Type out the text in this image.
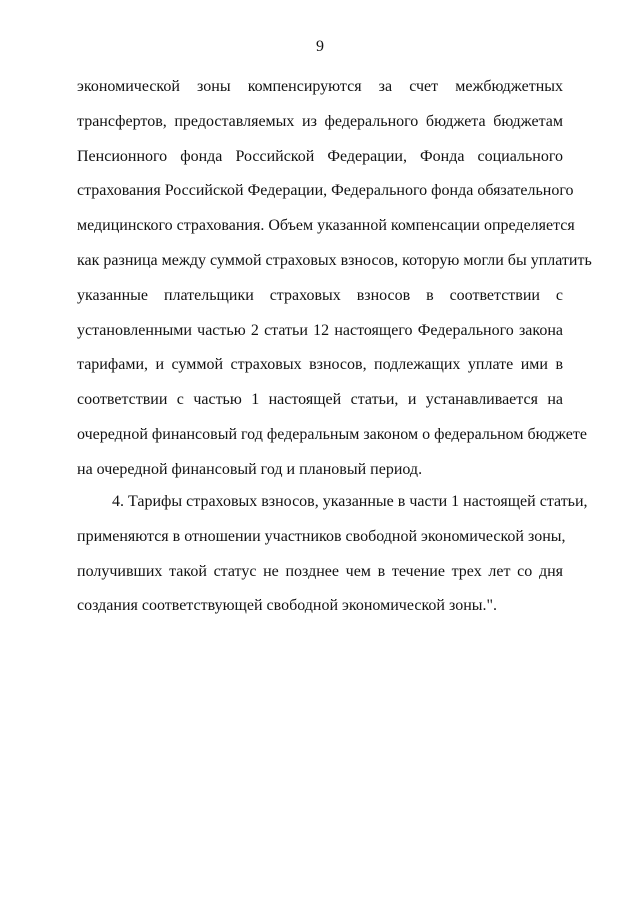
9
экономической зоны компенсируются за счет межбюджетных
трансфертов, предоставляемых из федерального бюджета бюджетам
Пенсионного фонда Российской Федерации, Фонда социального
страхования Российской Федерации, Федерального фонда обязательного
медицинского страхования. Объем указанной компенсации определяется
как разница между суммой страховых взносов, которую могли бы уплатить
указанные плательщики страховых взносов в соответствии с
установленными частью 2 статьи 12 настоящего Федерального закона
тарифами, и суммой страховых взносов, подлежащих уплате ими в
соответствии с частью 1 настоящей статьи, и устанавливается на
очередной финансовый год федеральным законом о федеральном бюджете
на очередной финансовый год и плановый период.
4. Тарифы страховых взносов, указанные в части 1 настоящей статьи,
применяются в отношении участников свободной экономической зоны,
получивших такой статус не позднее чем в течение трех лет со дня
создания соответствующей свободной экономической зоны.".
